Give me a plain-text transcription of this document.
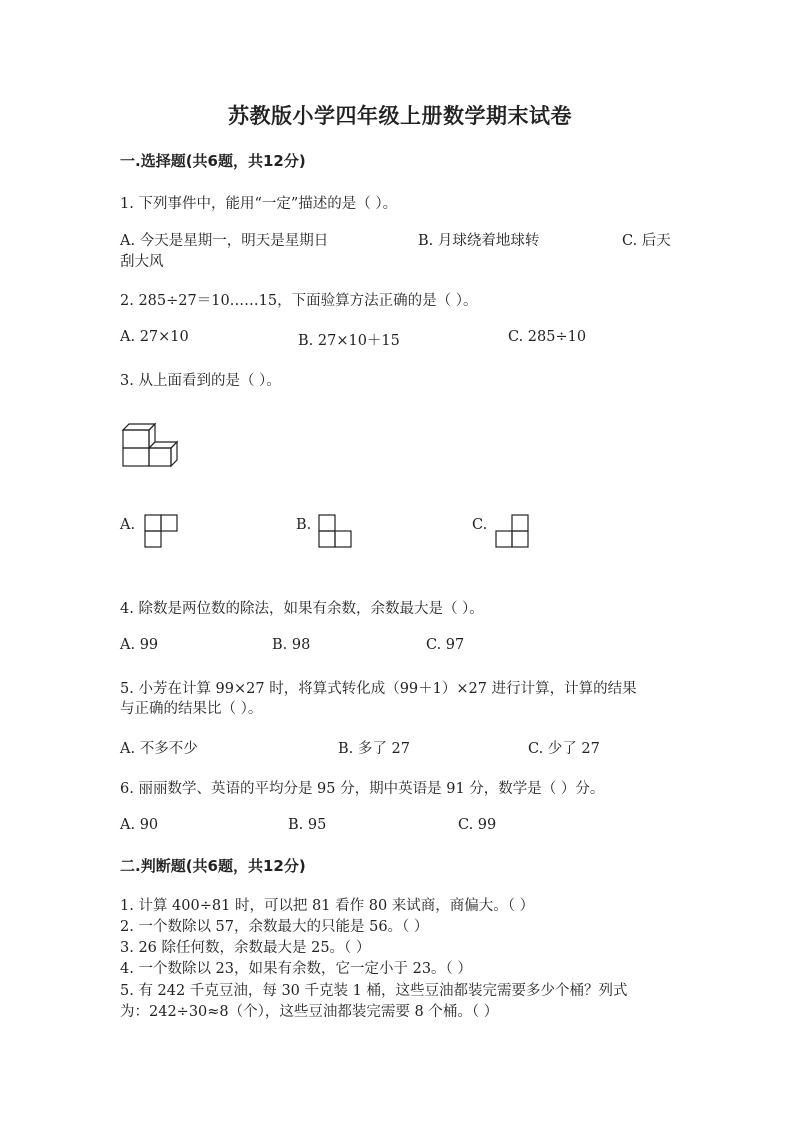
苏教版小学四年级上册数学期末试卷
一.选择题(共6题，共12分)
1. 下列事件中，能用“一定”描述的是（ ）。
A. 今天是星期一，明天是星期日	B. 月球绕着地球转	C. 后天
刮大风
2. 285÷27＝10……15，下面验算方法正确的是（ ）。
A. 27×10	B. 27×10＋15	C. 285÷10
3. 从上面看到的是（ ）。
A.	B.	C.
4. 除数是两位数的除法，如果有余数，余数最大是（ ）。
A. 99	B. 98	C. 97
5. 小芳在计算 99×27 时，将算式转化成（99＋1）×27 进行计算，计算的结果
与正确的结果比（ ）。
A. 不多不少	B. 多了 27	C. 少了 27
6. 丽丽数学、英语的平均分是 95 分，期中英语是 91 分，数学是（ ）分。
A. 90	B. 95	C. 99
二.判断题(共6题，共12分)
1. 计算 400÷81 时，可以把 81 看作 80 来试商，商偏大。（ ）
2. 一个数除以 57，余数最大的只能是 56。（ ）
3. 26 除任何数，余数最大是 25。（ ）
4. 一个数除以 23，如果有余数，它一定小于 23。（ ）
5. 有 242 千克豆油，每 30 千克装 1 桶，这些豆油都装完需要多少个桶？列式
为：242÷30≈8（个），这些豆油都装完需要 8 个桶。（ ）
